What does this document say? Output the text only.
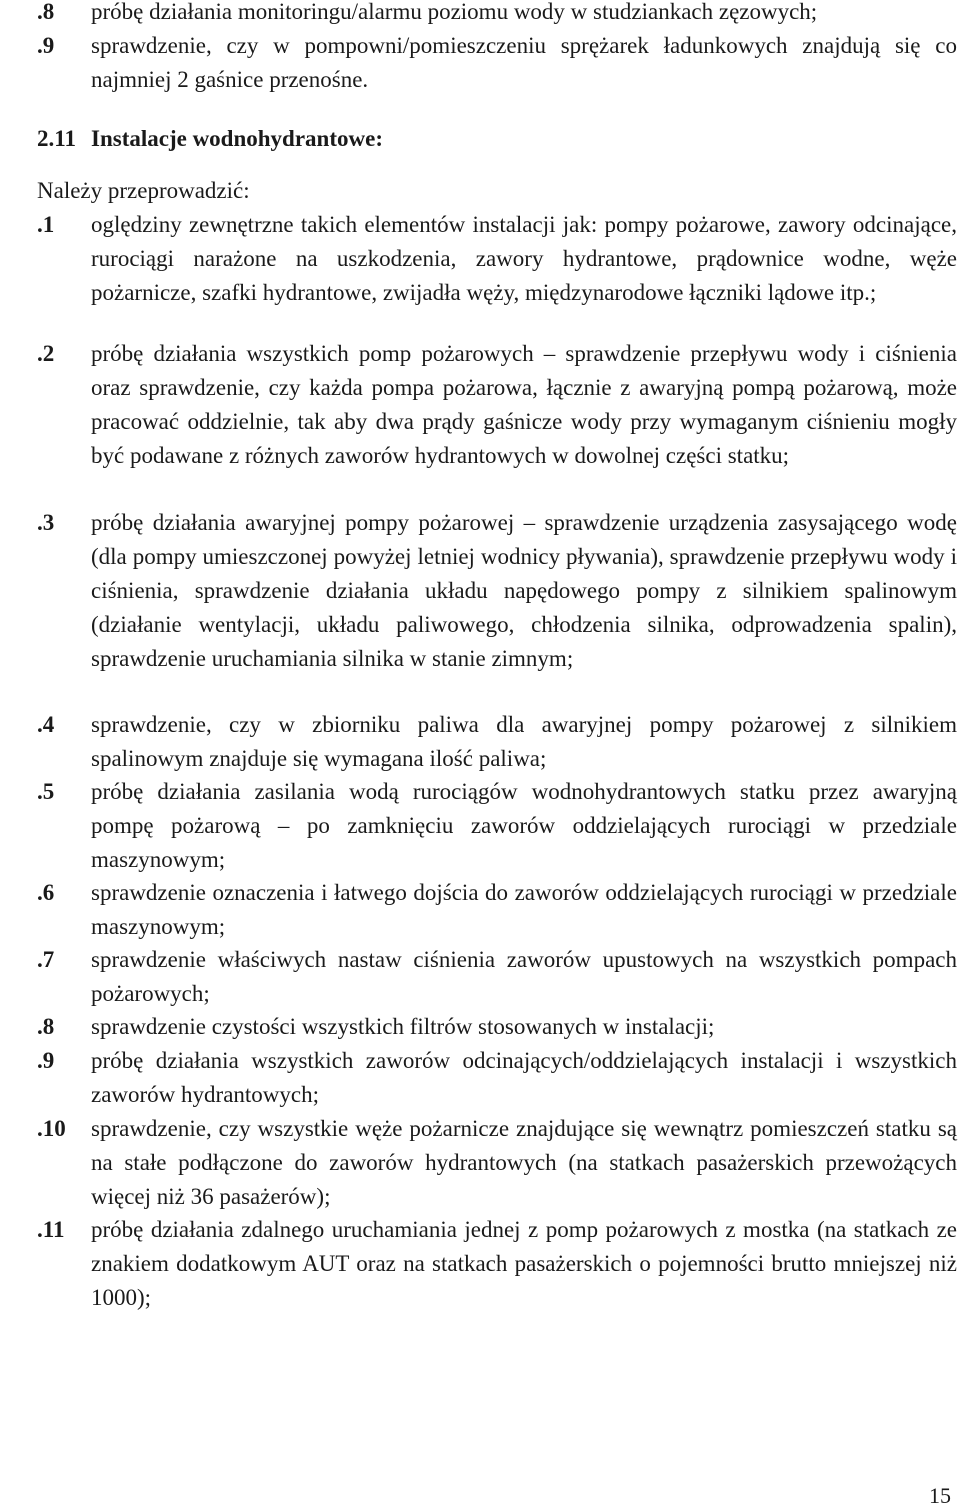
.8 próbę działania monitoringu/alarmu poziomu wody w studziankach zęzowych;
.9 sprawdzenie, czy w pompowni/pomieszczeniu sprężarek ładunkowych znajdują się co najmniej 2 gaśnice przenośne.
2.11 Instalacje wodnohydrantowe:
Należy przeprowadzić:
.1 oględziny zewnętrzne takich elementów instalacji jak: pompy pożarowe, zawory odcinające, rurociągi narażone na uszkodzenia, zawory hydrantowe, prądownice wodne, węże pożarnicze, szafki hydrantowe, zwijadła węży, międzynarodowe łączniki lądowe itp.;
.2 próbę działania wszystkich pomp pożarowych – sprawdzenie przepływu wody i ciśnienia oraz sprawdzenie, czy każda pompa pożarowa, łącznie z awaryjną pompą pożarową, może pracować oddzielnie, tak aby dwa prądy gaśnicze wody przy wymaganym ciśnieniu mogły być podawane z różnych zaworów hydrantowych w dowolnej części statku;
.3 próbę działania awaryjnej pompy pożarowej – sprawdzenie urządzenia zasysającego wodę (dla pompy umieszczonej powyżej letniej wodnicy pływania), sprawdzenie przepływu wody i ciśnienia, sprawdzenie działania układu napędowego pompy z silnikiem spalinowym (działanie wentylacji, układu paliwowego, chłodzenia silnika, odprowadzenia spalin), sprawdzenie uruchamiania silnika w stanie zimnym;
.4 sprawdzenie, czy w zbiorniku paliwa dla awaryjnej pompy pożarowej z silnikiem spalinowym znajduje się wymagana ilość paliwa;
.5 próbę działania zasilania wodą rurociągów wodnohydrantowych statku przez awaryjną pompę pożarową – po zamknięciu zaworów oddzielających rurociągi w przedziale maszynowym;
.6 sprawdzenie oznaczenia i łatwego dojścia do zaworów oddzielających rurociągi w przedziale maszynowym;
.7 sprawdzenie właściwych nastaw ciśnienia zaworów upustowych na wszystkich pompach pożarowych;
.8 sprawdzenie czystości wszystkich filtrów stosowanych w instalacji;
.9 próbę działania wszystkich zaworów odcinających/oddzielających instalacji i wszystkich zaworów hydrantowych;
.10 sprawdzenie, czy wszystkie węże pożarnicze znajdujące się wewnątrz pomieszczeń statku są na stałe podłączone do zaworów hydrantowych (na statkach pasażerskich przewożących więcej niż 36 pasażerów);
.11 próbę działania zdalnego uruchamiania jednej z pomp pożarowych z mostka (na statkach ze znakiem dodatkowym AUT oraz na statkach pasażerskich o pojemności brutto mniejszej niż 1000);
15
